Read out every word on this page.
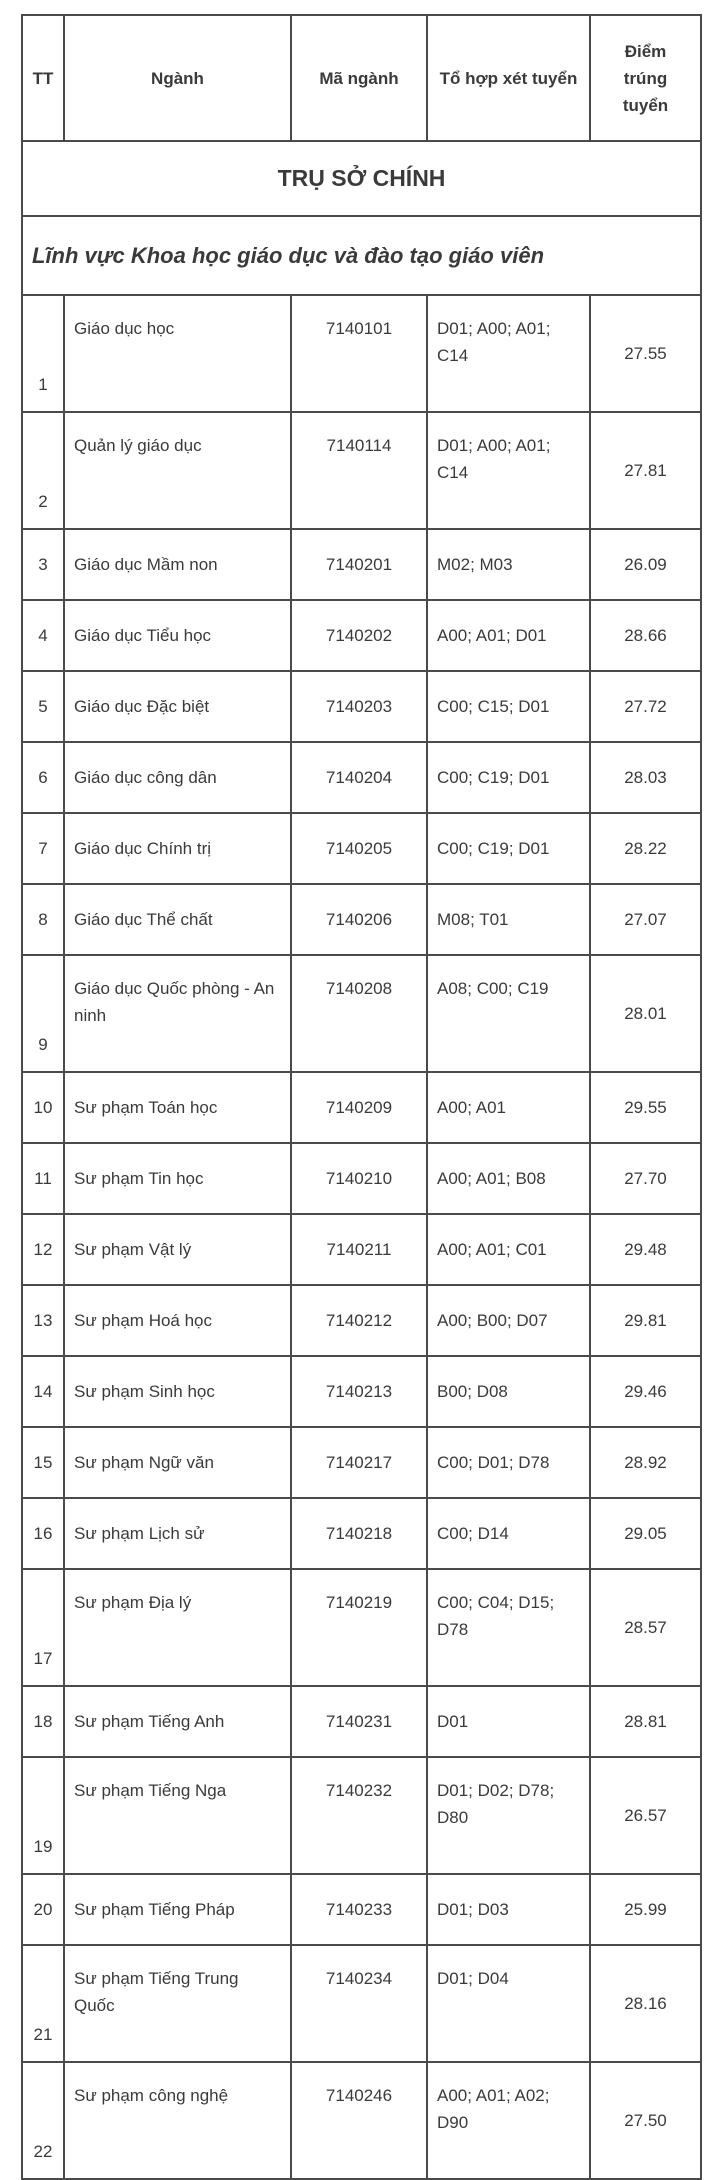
TT	Ngành	Mã ngành	Tổ hợp xét tuyển	Điểm trúng tuyển
TRỤ SỞ CHÍNH				
Lĩnh vực Khoa học giáo dục và đào tạo giáo viên				
1	Giáo dục học	7140101	D01; A00; A01; C14	27.55
2	Quản lý giáo dục	7140114	D01; A00; A01; C14	27.81
3	Giáo dục Mầm non	7140201	M02; M03	26.09
4	Giáo dục Tiểu học	7140202	A00; A01; D01	28.66
5	Giáo dục Đặc biệt	7140203	C00; C15; D01	27.72
6	Giáo dục công dân	7140204	C00; C19; D01	28.03
7	Giáo dục Chính trị	7140205	C00; C19; D01	28.22
8	Giáo dục Thể chất	7140206	M08; T01	27.07
9	Giáo dục Quốc phòng - An ninh	7140208	A08; C00; C19	28.01
10	Sư phạm Toán học	7140209	A00; A01	29.55
11	Sư phạm Tin học	7140210	A00; A01; B08	27.70
12	Sư phạm Vật lý	7140211	A00; A01; C01	29.48
13	Sư phạm Hoá học	7140212	A00; B00; D07	29.81
14	Sư phạm Sinh học	7140213	B00; D08	29.46
15	Sư phạm Ngữ văn	7140217	C00; D01; D78	28.92
16	Sư phạm Lịch sử	7140218	C00; D14	29.05
17	Sư phạm Địa lý	7140219	C00; C04; D15; D78	28.57
18	Sư phạm Tiếng Anh	7140231	D01	28.81
19	Sư phạm Tiếng Nga	7140232	D01; D02; D78; D80	26.57
20	Sư phạm Tiếng Pháp	7140233	D01; D03	25.99
21	Sư phạm Tiếng Trung Quốc	7140234	D01; D04	28.16
22	Sư phạm công nghệ	7140246	A00; A01; A02; D90	27.50
